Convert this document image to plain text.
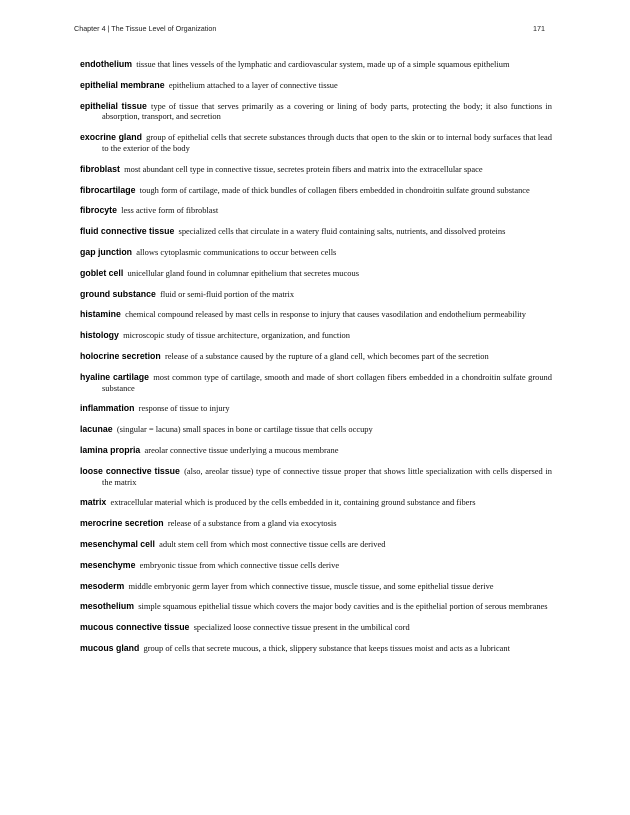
Chapter 4 | The Tissue Level of Organization	171
endothelium  tissue that lines vessels of the lymphatic and cardiovascular system, made up of a simple squamous epithelium
epithelial membrane  epithelium attached to a layer of connective tissue
epithelial tissue  type of tissue that serves primarily as a covering or lining of body parts, protecting the body; it also functions in absorption, transport, and secretion
exocrine gland  group of epithelial cells that secrete substances through ducts that open to the skin or to internal body surfaces that lead to the exterior of the body
fibroblast  most abundant cell type in connective tissue, secretes protein fibers and matrix into the extracellular space
fibrocartilage  tough form of cartilage, made of thick bundles of collagen fibers embedded in chondroitin sulfate ground substance
fibrocyte  less active form of fibroblast
fluid connective tissue  specialized cells that circulate in a watery fluid containing salts, nutrients, and dissolved proteins
gap junction  allows cytoplasmic communications to occur between cells
goblet cell  unicellular gland found in columnar epithelium that secretes mucous
ground substance  fluid or semi-fluid portion of the matrix
histamine  chemical compound released by mast cells in response to injury that causes vasodilation and endothelium permeability
histology  microscopic study of tissue architecture, organization, and function
holocrine secretion  release of a substance caused by the rupture of a gland cell, which becomes part of the secretion
hyaline cartilage  most common type of cartilage, smooth and made of short collagen fibers embedded in a chondroitin sulfate ground substance
inflammation  response of tissue to injury
lacunae  (singular = lacuna) small spaces in bone or cartilage tissue that cells occupy
lamina propria  areolar connective tissue underlying a mucous membrane
loose connective tissue  (also, areolar tissue) type of connective tissue proper that shows little specialization with cells dispersed in the matrix
matrix  extracellular material which is produced by the cells embedded in it, containing ground substance and fibers
merocrine secretion  release of a substance from a gland via exocytosis
mesenchymal cell  adult stem cell from which most connective tissue cells are derived
mesenchyme  embryonic tissue from which connective tissue cells derive
mesoderm  middle embryonic germ layer from which connective tissue, muscle tissue, and some epithelial tissue derive
mesothelium  simple squamous epithelial tissue which covers the major body cavities and is the epithelial portion of serous membranes
mucous connective tissue  specialized loose connective tissue present in the umbilical cord
mucous gland  group of cells that secrete mucous, a thick, slippery substance that keeps tissues moist and acts as a lubricant
